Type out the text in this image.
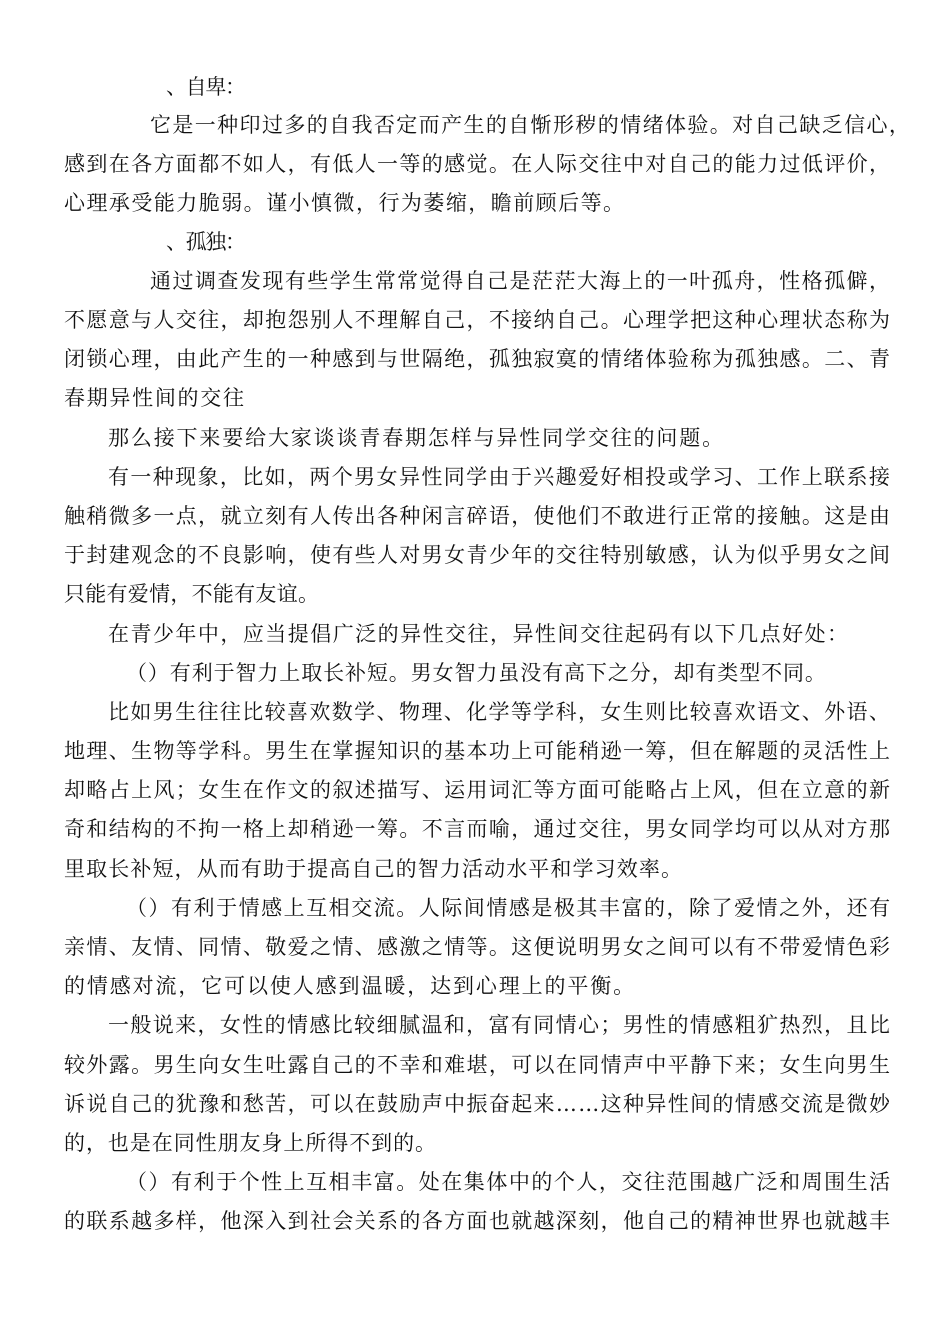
、自卑：
它是一种印过多的自我否定而产生的自惭形秽的情绪体验。对自己缺乏信心，
感到在各方面都不如人，有低人一等的感觉。在人际交往中对自己的能力过低评价，
心理承受能力脆弱。谨小慎微，行为萎缩，瞻前顾后等。
、孤独：
通过调查发现有些学生常常觉得自己是茫茫大海上的一叶孤舟，性格孤僻，
不愿意与人交往，却抱怨别人不理解自己，不接纳自己。心理学把这种心理状态称为
闭锁心理，由此产生的一种感到与世隔绝，孤独寂寞的情绪体验称为孤独感。二、青
春期异性间的交往
那么接下来要给大家谈谈青春期怎样与异性同学交往的问题。
有一种现象，比如，两个男女异性同学由于兴趣爱好相投或学习、工作上联系接
触稍微多一点，就立刻有人传出各种闲言碎语，使他们不敢进行正常的接触。这是由
于封建观念的不良影响，使有些人对男女青少年的交往特别敏感，认为似乎男女之间
只能有爱情，不能有友谊。
在青少年中，应当提倡广泛的异性交往，异性间交往起码有以下几点好处：
（）有利于智力上取长补短。男女智力虽没有高下之分，却有类型不同。
比如男生往往比较喜欢数学、物理、化学等学科，女生则比较喜欢语文、外语、
地理、生物等学科。男生在掌握知识的基本功上可能稍逊一筹，但在解题的灵活性上
却略占上风；女生在作文的叙述描写、运用词汇等方面可能略占上风，但在立意的新
奇和结构的不拘一格上却稍逊一筹。不言而喻，通过交往，男女同学均可以从对方那
里取长补短，从而有助于提高自己的智力活动水平和学习效率。
（）有利于情感上互相交流。人际间情感是极其丰富的，除了爱情之外，还有
亲情、友情、同情、敬爱之情、感激之情等。这便说明男女之间可以有不带爱情色彩
的情感对流，它可以使人感到温暖，达到心理上的平衡。
一般说来，女性的情感比较细腻温和，富有同情心；男性的情感粗犷热烈，且比
较外露。男生向女生吐露自己的不幸和难堪，可以在同情声中平静下来；女生向男生
诉说自己的犹豫和愁苦，可以在鼓励声中振奋起来……这种异性间的情感交流是微妙
的，也是在同性朋友身上所得不到的。
（）有利于个性上互相丰富。处在集体中的个人，交往范围越广泛和周围生活
的联系越多样，他深入到社会关系的各方面也就越深刻，他自己的精神世界也就越丰
